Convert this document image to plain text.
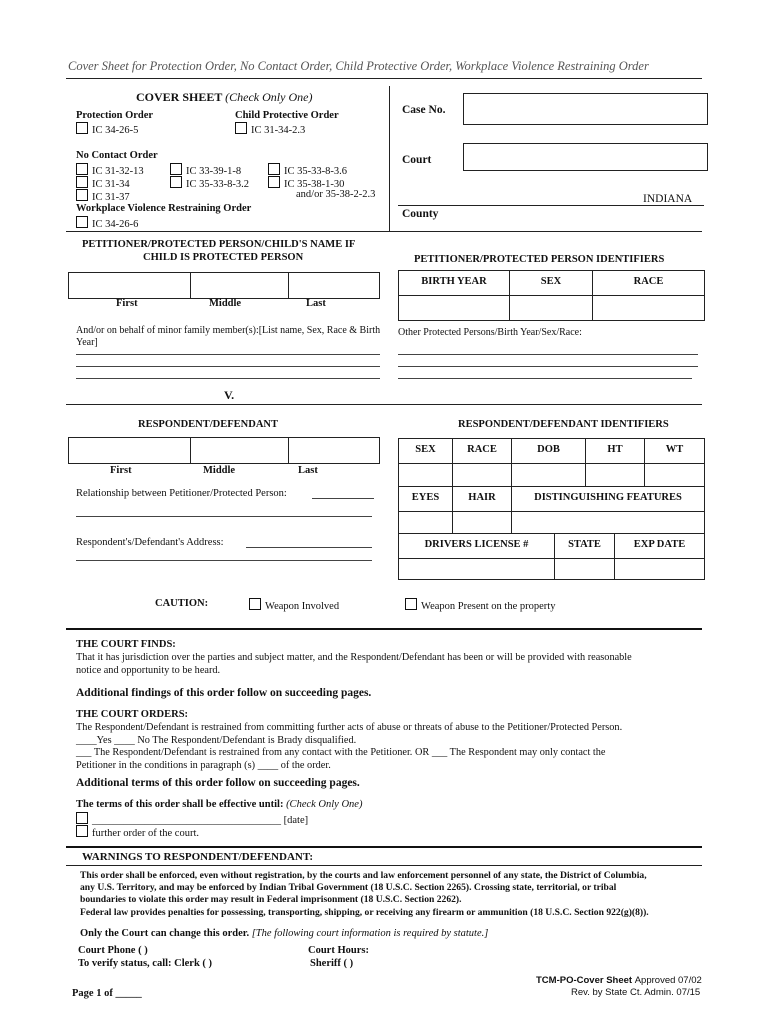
Cover Sheet for Protection Order, No Contact Order, Child Protective Order, Workplace Violence Restraining Order
COVER SHEET (Check Only One)
Protection Order
IC 34-26-5
Child Protective Order
IC 31-34-2.3
No Contact Order
IC 31-32-13
IC 31-34
IC 31-37
IC 33-39-1-8
IC 35-33-8-3.2
IC 35-33-8-3.6
IC 35-38-1-30
and/or 35-38-2-2.3
Workplace Violence Restraining Order
IC 34-26-6
Case No.
Court
INDIANA
County
PETITIONER/PROTECTED PERSON/CHILD'S NAME IF
CHILD IS PROTECTED PERSON
First	Middle	Last
And/or on behalf of minor family member(s):[List name, Sex, Race & Birth
Year]
PETITIONER/PROTECTED PERSON IDENTIFIERS
BIRTH YEAR	SEX	RACE
Other Protected Persons/Birth Year/Sex/Race:
V.
RESPONDENT/DEFENDANT
First	Middle	Last
Relationship between Petitioner/Protected Person:
Respondent's/Defendant's Address:
RESPONDENT/DEFENDANT IDENTIFIERS
SEX	RACE	DOB	HT	WT
EYES	HAIR	DISTINGUISHING FEATURES
DRIVERS LICENSE #	STATE	EXP DATE
CAUTION:	Weapon Involved	Weapon Present on the property
THE COURT FINDS:
That it has jurisdiction over the parties and subject matter, and the Respondent/Defendant has been or will be provided with reasonable
notice and opportunity to be heard.
Additional findings of this order follow on succeeding pages.
THE COURT ORDERS:
The Respondent/Defendant is restrained from committing further acts of abuse or threats of abuse to the Petitioner/Protected Person.
____Yes ____ No The Respondent/Defendant is Brady disqualified.
___ The Respondent/Defendant is restrained from any contact with the Petitioner. OR ___ The Respondent may only contact the
Petitioner in the conditions in paragraph (s) ____ of the order.
Additional terms of this order follow on succeeding pages.
The terms of this order shall be effective until: (Check Only One)
____________________________________ [date]
further order of the court.
WARNINGS TO RESPONDENT/DEFENDANT:
This order shall be enforced, even without registration, by the courts and law enforcement personnel of any state, the District of Columbia,
any U.S. Territory, and may be enforced by Indian Tribal Government (18 U.S.C. Section 2265). Crossing state, territorial, or tribal
boundaries to violate this order may result in Federal imprisonment (18 U.S.C. Section 2262).
Federal law provides penalties for possessing, transporting, shipping, or receiving any firearm or ammunition (18 U.S.C. Section 922(g)(8)).
Only the Court can change this order. [The following court information is required by statute.]
Court Phone ( )	Court Hours:
To verify status, call: Clerk ( )	Sheriff ( )
Page 1 of _____
TCM-PO-Cover Sheet Approved 07/02
Rev. by State Ct. Admin. 07/15
